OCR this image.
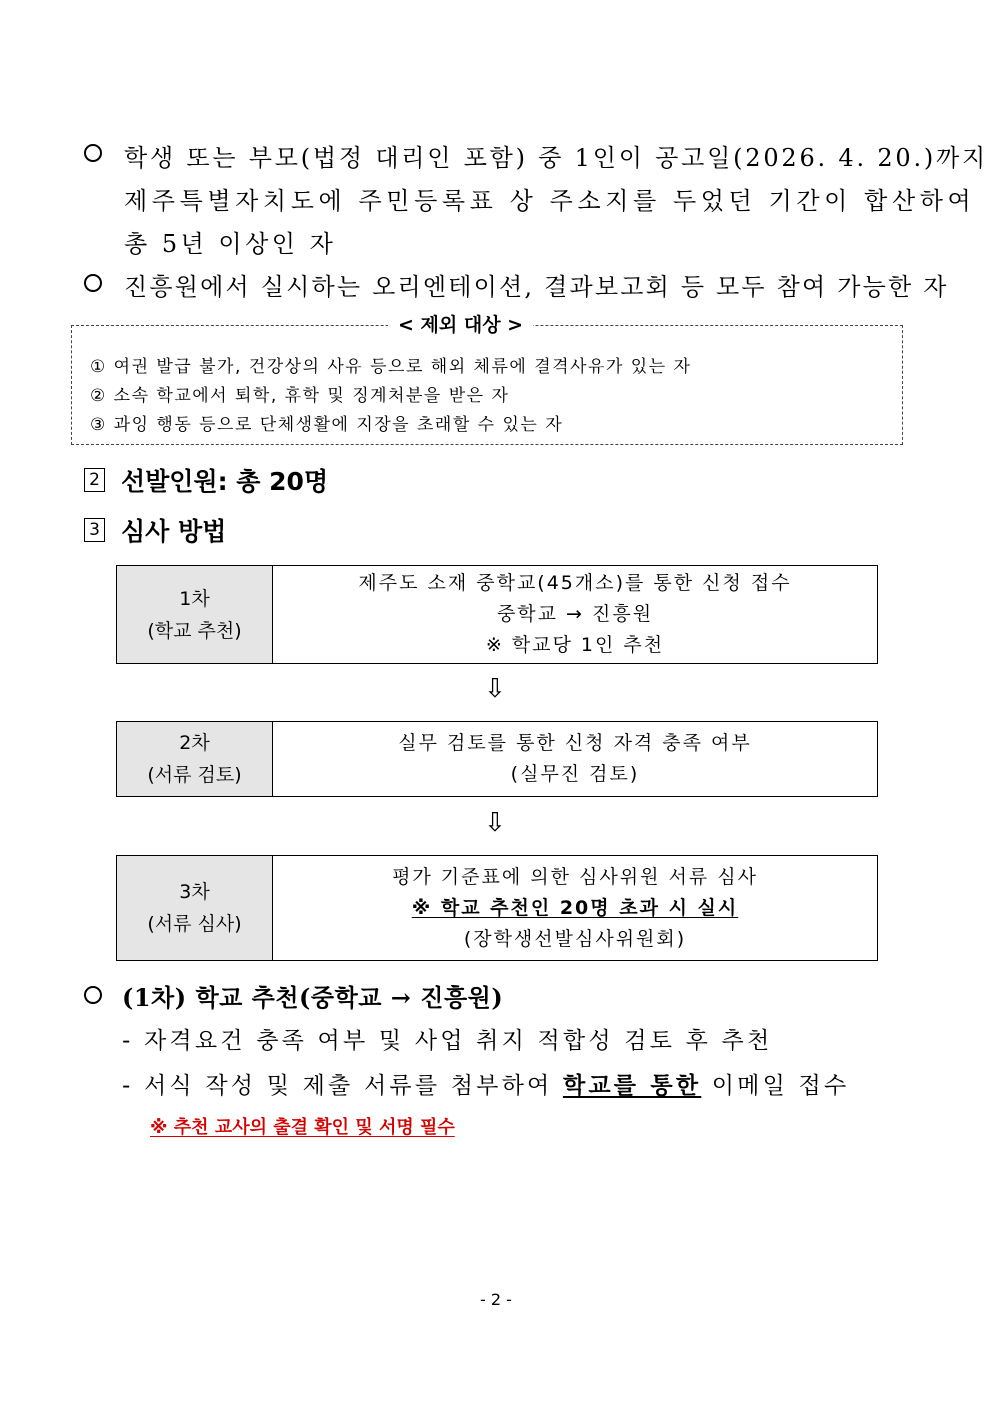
학생 또는 부모(법정 대리인 포함) 중 1인이 공고일(2026. 4. 20.)까지
제주특별자치도에 주민등록표 상 주소지를 두었던 기간이 합산하여
총 5년 이상인 자
진흥원에서 실시하는 오리엔테이션, 결과보고회 등 모두 참여 가능한 자
< 제외 대상 >
① 여권 발급 불가, 건강상의 사유 등으로 해외 체류에 결격사유가 있는 자
② 소속 학교에서 퇴학, 휴학 및 징계처분을 받은 자
③ 과잉 행동 등으로 단체생활에 지장을 초래할 수 있는 자
2 선발인원: 총 20명
3 심사 방법
1차
(학교 추천)
제주도 소재 중학교(45개소)를 통한 신청 접수
중학교 → 진흥원
※ 학교당 1인 추천
⇩
2차
(서류 검토)
실무 검토를 통한 신청 자격 충족 여부
(실무진 검토)
⇩
3차
(서류 심사)
평가 기준표에 의한 심사위원 서류 심사
※ 학교 추천인 20명 초과 시 실시
(장학생선발심사위원회)
(1차) 학교 추천(중학교 → 진흥원)
- 자격요건 충족 여부 및 사업 취지 적합성 검토 후 추천
- 서식 작성 및 제출 서류를 첨부하여 학교를 통한 이메일 접수
※ 추천 교사의 출결 확인 및 서명 필수
- 2 -
